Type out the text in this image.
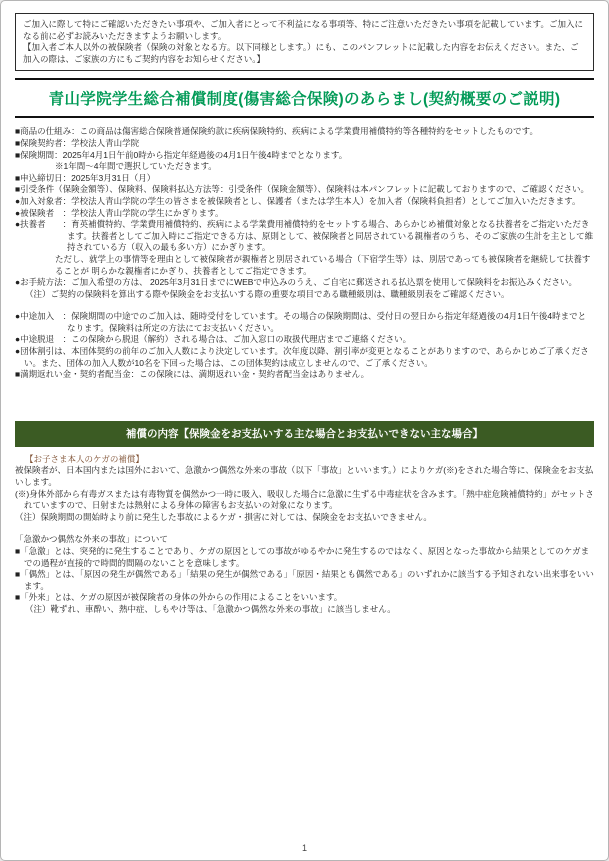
ご加入に際して特にご確認いただきたい事項や、ご加入者にとって不利益になる事項等、特にご注意いただきたい事項を記載しています。ご加入になる前に必ずお読みいただきますようお願いします。

【加入者ご本人以外の被保険者（保険の対象となる方。以下同様とします。）にも、このパンフレットに記載した内容をお伝えください。また、ご加入の際は、ご家族の方にもご契約内容をお知らせください。】

青山学院学生総合補償制度(傷害総合保険)のあらまし(契約概要のご説明)

■商品の仕組み：この商品は傷害総合保険普通保険約款に疾病保険特約、疾病による学業費用補償特約等各種特約をセットしたものです。

■保険契約者：学校法人青山学院

■保険期間：2025年4月1日午前0時から指定年経過後の4月1日午後4時までとなります。

※1年間～4年間で選択していただきます。

■申込締切日：2025年3月31日（月）

■引受条件（保険金額等）、保険料、保険料払込方法等：引受条件（保険金額等）、保険料は本パンフレットに記載しておりますので、ご確認ください。

●加入対象者：学校法人青山学院の学生の皆さまを被保険者とし、保護者（または学生本人）を加入者（保険料負担者）としてご加入いただきます。

●被保険者　：学校法人青山学院の学生にかぎります。

●扶養者　　：育英補償特約、学業費用補償特約、疾病による学業費用補償特約をセットする場合、あらかじめ補償対象となる扶養者をご指定いただきます。扶養者としてご加入時にご指定できる方は、原則として、被保険者と同居されている親権者のうち、そのご家族の生計を主として維持されている方（収入の最も多い方）にかぎります。

ただし、就学上の事情等を理由として被保険者が親権者と別居されている場合（下宿学生等）は、別居であっても被保険者を継続して扶養することが 明らかな親権者にかぎり、扶養者としてご指定できます。

●お手続方法：ご加入希望の方は、 2025年3月31日までにWEBで申込みのうえ、ご自宅に郵送される払込票を使用して保険料をお振込みください。

（注）ご契約の保険料を算出する際や保険金をお支払いする際の重要な項目である職種級別は、職種級別表をご確認ください。

●中途加入　：保険期間の中途でのご加入は、随時受付をしています。その場合の保険期間は、受付日の翌日から指定年経過後の4月1日午後4時までとなります。保険料は所定の方法にてお支払いください。

●中途脱退　：この保険から脱退（解約）される場合は、ご加入窓口の取扱代理店までご連絡ください。

●団体割引は、本団体契約の前年のご加入人数により決定しています。次年度以降、割引率が変更となることがありますので、あらかじめご了承ください。また、団体の加入人数が10名を下回った場合は、この団体契約は成立しませんので、ご了承ください。

■満期返れい金・契約者配当金：この保険には、満期返れい金・契約者配当金はありません。

補償の内容【保険金をお支払いする主な場合とお支払いできない主な場合】

【お子さま本人のケガの補償】

被保険者が、日本国内または国外において、急激かつ偶然な外来の事故（以下「事故」といいます。）によりケガ(※)をされた場合等に、保険金をお支払いします。

(※)身体外部から有毒ガスまたは有毒物質を偶然かつ一時に吸入、吸収した場合に急激に生ずる中毒症状を含みます。「熱中症危険補償特約」がセットされていますので、日射または熱射による身体の障害もお支払いの対象になります。

（注）保険期間の開始時より前に発生した事故によるケガ・損害に対しては、保険金をお支払いできません。

「急激かつ偶然な外来の事故」について

■「急激」とは、突発的に発生することであり、ケガの原因としての事故がゆるやかに発生するのではなく、原因となった事故から結果としてのケガまでの過程が直接的で時間的間隔のないことを意味します。

■「偶然」とは、「原因の発生が偶然である」「結果の発生が偶然である」「原因・結果とも偶然である」のいずれかに該当する予知されない出来事をいいます。

■「外来」とは、ケガの原因が被保険者の身体の外からの作用によることをいいます。

（注）靴ずれ、車酔い、熱中症、しもやけ等は、「急激かつ偶然な外来の事故」に該当しません。

1
